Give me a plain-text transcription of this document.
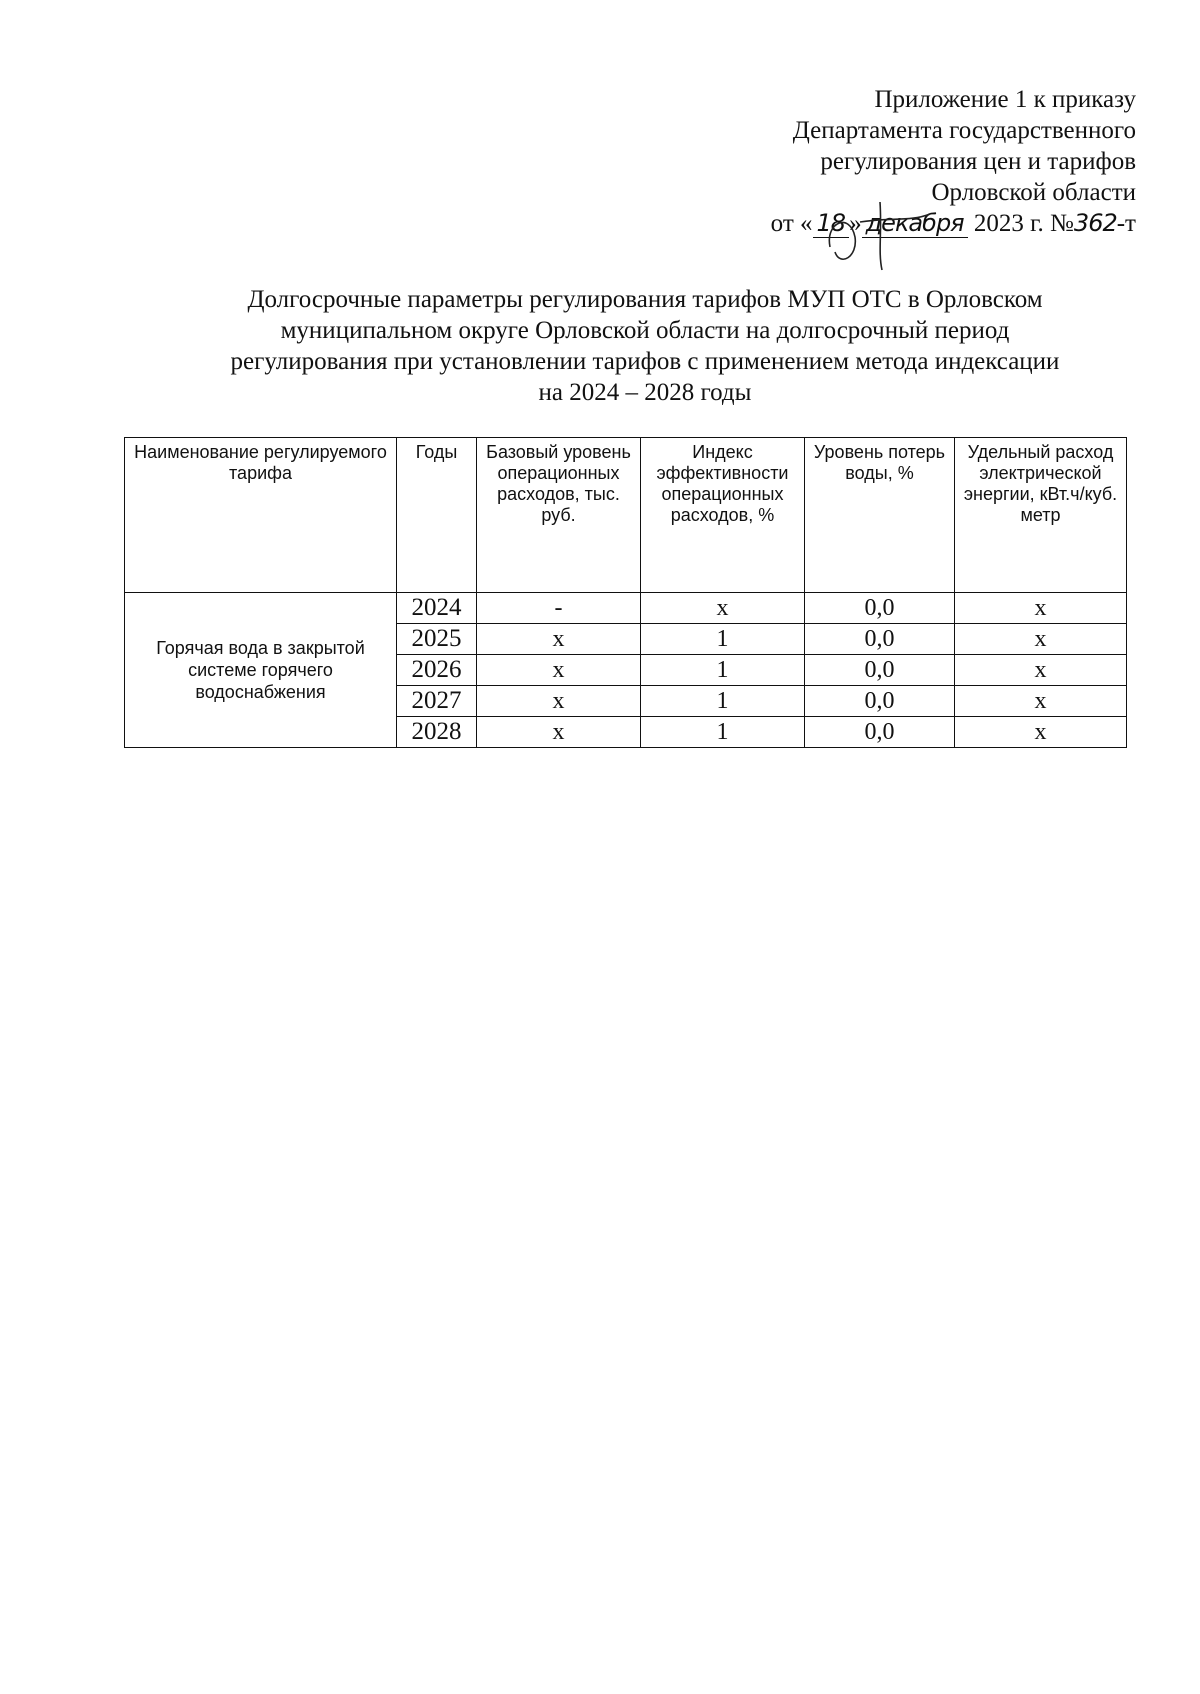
Приложение 1 к приказу
Департамента государственного
регулирования цен и тарифов
Орловской области
от « 18 » декабря 2023 г. №362-т
Долгосрочные параметры регулирования тарифов МУП ОТС в Орловском
муниципальном округе Орловской области на долгосрочный период
регулирования при установлении тарифов с применением метода индексации
на 2024 – 2028 годы
Наименование регулируемого тарифа	Годы	Базовый уровень операционных расходов, тыс. руб.	Индекс эффективности операционных расходов, %	Уровень потерь воды, %	Удельный расход электрической энергии, кВт.ч/куб. метр
Горячая вода в закрытой системе горячего водоснабжения	2024	-	х	0,0	х
	2025	х	1	0,0	х
	2026	х	1	0,0	х
	2027	х	1	0,0	х
	2028	х	1	0,0	х
